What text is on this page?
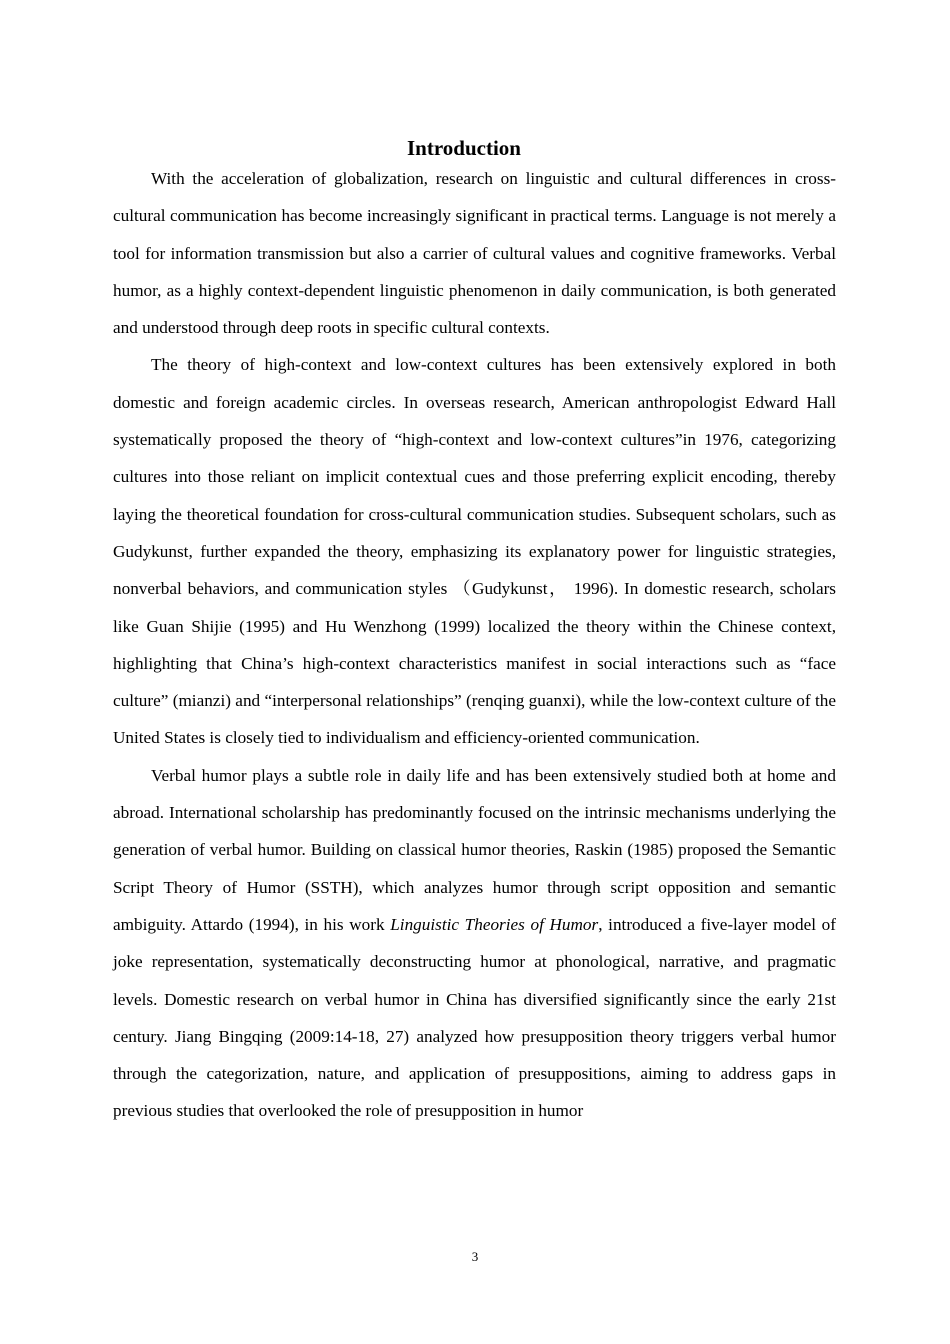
Introduction

With the acceleration of globalization, research on linguistic and cultural differences in cross-cultural communication has become increasingly significant in practical terms. Language is not merely a tool for information transmission but also a carrier of cultural values and cognitive frameworks. Verbal humor, as a highly context-dependent linguistic phenomenon in daily communication, is both generated and understood through deep roots in specific cultural contexts.

The theory of high-context and low-context cultures has been extensively explored in both domestic and foreign academic circles. In overseas research, American anthropologist Edward Hall systematically proposed the theory of “high-context and low-context cultures”in 1976, categorizing cultures into those reliant on implicit contextual cues and those preferring explicit encoding, thereby laying the theoretical foundation for cross-cultural communication studies. Subsequent scholars, such as Gudykunst, further expanded the theory, emphasizing its explanatory power for linguistic strategies, nonverbal behaviors, and communication styles （Gudykunst， 1996). In domestic research, scholars like Guan Shijie (1995) and Hu Wenzhong (1999) localized the theory within the Chinese context, highlighting that China’s high-context characteristics manifest in social interactions such as “face culture” (mianzi) and “interpersonal relationships” (renqing guanxi), while the low-context culture of the United States is closely tied to individualism and efficiency-oriented communication.

Verbal humor plays a subtle role in daily life and has been extensively studied both at home and abroad. International scholarship has predominantly focused on the intrinsic mechanisms underlying the generation of verbal humor. Building on classical humor theories, Raskin (1985) proposed the Semantic Script Theory of Humor (SSTH), which analyzes humor through script opposition and semantic ambiguity. Attardo (1994), in his work Linguistic Theories of Humor, introduced a five-layer model of joke representation, systematically deconstructing humor at phonological, narrative, and pragmatic levels. Domestic research on verbal humor in China has diversified significantly since the early 21st century. Jiang Bingqing (2009:14-18, 27) analyzed how presupposition theory triggers verbal humor through the categorization, nature, and application of presuppositions, aiming to address gaps in previous studies that overlooked the role of presupposition in humor

3
